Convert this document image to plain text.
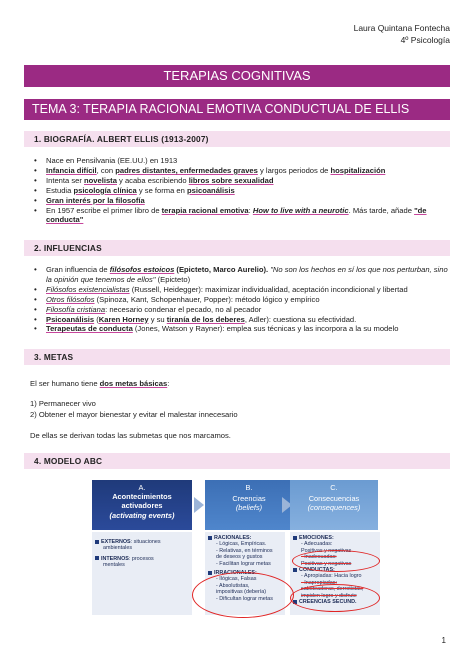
Laura Quintana Fontecha
4º Psicología
TERAPIAS COGNITIVAS
TEMA 3: TERAPIA RACIONAL EMOTIVA CONDUCTUAL DE ELLIS
1. BIOGRAFÍA. ALBERT ELLIS (1913-2007)
• Nace en Pensilvania (EE.UU.) en 1913
• Infancia difícil, con padres distantes, enfermedades graves y largos periodos de hospitalización
• Intenta ser novelista y acaba escribiendo libros sobre sexualidad
• Estudia psicología clínica y se forma en psicoanálisis
• Gran interés por la filosofía
• En 1957 escribe el primer libro de terapia racional emotiva: How to live with a neurotic. Más tarde, añade "de
conducta"
2. INFLUENCIAS
• Gran influencia de filósofos estoicos (Epicteto, Marco Aurelio). "No son los hechos en sí los que nos perturban, sino
la opinión que tenemos de ellos" (Epicteto)
• Filósofos existencialistas (Russell, Heidegger): maximizar individualidad, aceptación incondicional y libertad
• Otros filósofos (Spinoza, Kant, Schopenhauer, Popper): método lógico y empírico
• Filosofía cristiana: necesario condenar el pecado, no al pecador
• Psicoanálisis (Karen Horney y su tiranía de los deberes, Adler): cuestiona su efectividad.
• Terapeutas de conducta (Jones, Watson y Rayner): emplea sus técnicas y las incorpora a la su modelo
3. METAS
El ser humano tiene dos metas básicas:
1) Permanecer vivo
2) Obtener el mayor bienestar y evitar el malestar innecesario
De ellas se derivan todas las submetas que nos marcamos.
4. MODELO ABC
A.
Acontecimientos
activadores
(activating events)
B.
Creencias
(beliefs)
C.
Consecuencias
(consequences)
EXTERNOS: situaciones
ambientales
INTERNOS: procesos
mentales
RACIONALES:
- Lógicas, Empíricas.
- Relativas, en términos
de deseos y gustos
- Facilitan lograr metas
IRRACIONALES:
- Ilógicas, Falsas
- Absolutistas,
impositivas (debería)
- Dificultan lograr metas
EMOCIONES:
- Adecuadas:
Positivas y negativas
- Inadecuadas:
Positivas y negativas
CONDUCTAS:
- Apropiadas: Hacia logro
- Inapropiadas:
saboteadoras, derrotistas,
impiden logro y disfrute
CREENCIAS SECUND.
1
